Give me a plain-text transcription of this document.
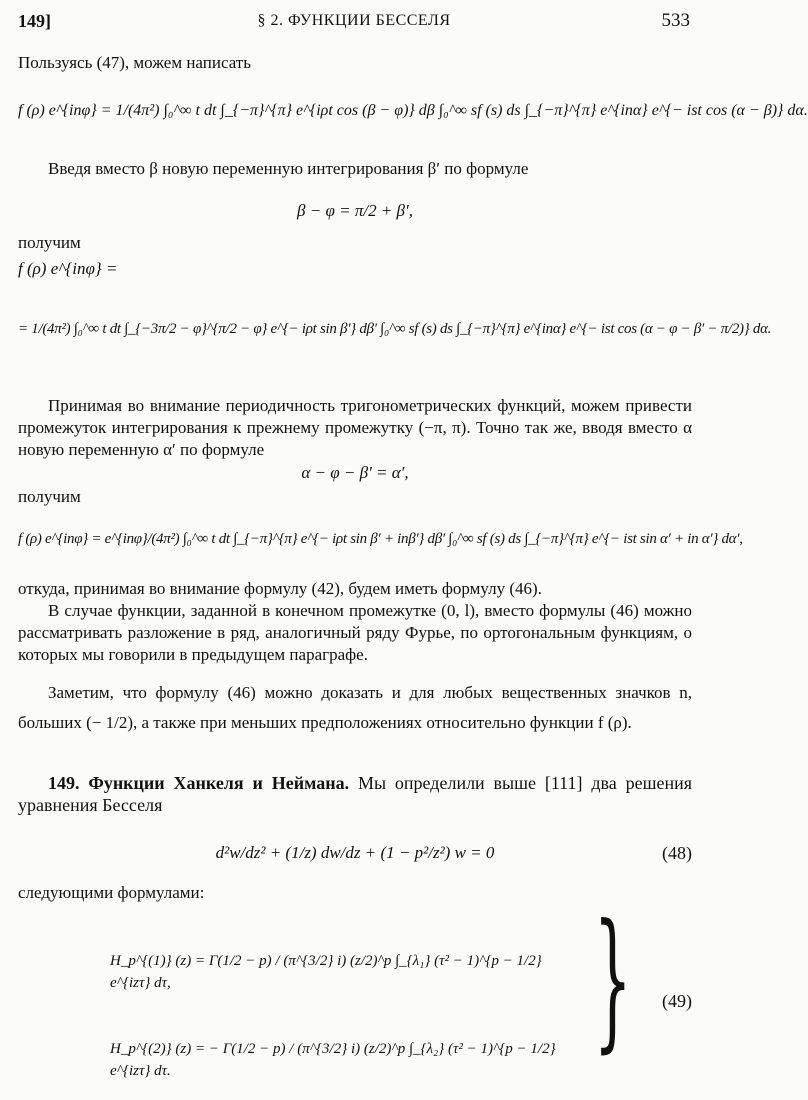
149]	§ 2. ФУНКЦИИ БЕССЕЛЯ	533
Пользуясь (47), можем написать
f (ρ) e^{inφ} = 1/(4π²) ∫₀^∞ t dt ∫_{−π}^{π} e^{iρt cos (β − φ)} dβ ∫₀^∞ sf (s) ds ∫_{−π}^{π} e^{inα} e^{− ist cos (α − β)} dα.
Введя вместо β новую переменную интегрирования β′ по формуле
β − φ = π/2 + β′,
получим
f (ρ) e^{inφ} =
= 1/(4π²) ∫₀^∞ t dt ∫_{−3π/2 − φ}^{π/2 − φ} e^{− iρt sin β′} dβ′ ∫₀^∞ sf (s) ds ∫_{−π}^{π} e^{inα} e^{− ist cos (α − φ − β′ − π/2)} dα.
Принимая во внимание периодичность тригонометрических функций, можем привести промежуток интегрирования к прежнему промежутку (−π, π). Точно так же, вводя вместо α новую переменную α′ по формуле
α − φ − β′ = α′,
получим
f (ρ) e^{inφ} = e^{inφ}/(4π²) ∫₀^∞ t dt ∫_{−π}^{π} e^{− iρt sin β′ + inβ′} dβ′ ∫₀^∞ sf (s) ds ∫_{−π}^{π} e^{− ist sin α′ + in α′} dα′,
откуда, принимая во внимание формулу (42), будем иметь формулу (46).
В случае функции, заданной в конечном промежутке (0, l), вместо формулы (46) можно рассматривать разложение в ряд, аналогичный ряду Фурье, по ортогональным функциям, о которых мы говорили в предыдущем параграфе.
Заметим, что формулу (46) можно доказать и для любых вещественных значков n, больших (− 1/2), а также при меньших предположениях относительно функции f (ρ).
149. Функции Ханкеля и Неймана. Мы определили выше [111] два решения уравнения Бесселя
d²w/dz² + (1/z) dw/dz + (1 − p²/z²) w = 0	(48)
следующими формулами:
H_p^{(1)} (z) = Γ(1/2 − p) / (π^{3/2} i) (z/2)^p ∫_{λ₁} (τ² − 1)^{p − 1/2} e^{izτ} dτ,
H_p^{(2)} (z) = − Γ(1/2 − p) / (π^{3/2} i) (z/2)^p ∫_{λ₂} (τ² − 1)^{p − 1/2} e^{izτ} dτ.
} (49)
